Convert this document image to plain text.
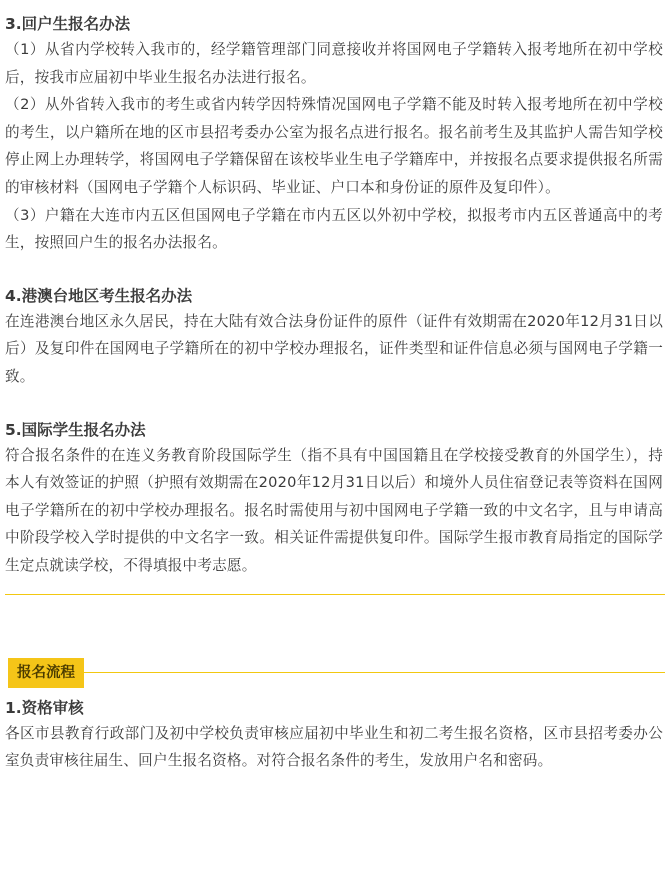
3.回户生报名办法

（1）从省内学校转入我市的，经学籍管理部门同意接收并将国网电子学籍转入报考地所在初中学校后，按我市应届初中毕业生报名办法进行报名。

（2）从外省转入我市的考生或省内转学因特殊情况国网电子学籍不能及时转入报考地所在初中学校的考生，以户籍所在地的区市县招考委办公室为报名点进行报名。报名前考生及其监护人需告知学校停止网上办理转学，将国网电子学籍保留在该校毕业生电子学籍库中，并按报名点要求提供报名所需的审核材料（国网电子学籍个人标识码、毕业证、户口本和身份证的原件及复印件）。

（3）户籍在大连市内五区但国网电子学籍在市内五区以外初中学校，拟报考市内五区普通高中的考生，按照回户生的报名办法报名。

4.港澳台地区考生报名办法

在连港澳台地区永久居民，持在大陆有效合法身份证件的原件（证件有效期需在2020年12月31日以后）及复印件在国网电子学籍所在的初中学校办理报名，证件类型和证件信息必须与国网电子学籍一致。

5.国际学生报名办法

符合报名条件的在连义务教育阶段国际学生（指不具有中国国籍且在学校接受教育的外国学生），持本人有效签证的护照（护照有效期需在2020年12月31日以后）和境外人员住宿登记表等资料在国网电子学籍所在的初中学校办理报名。报名时需使用与初中国网电子学籍一致的中文名字，且与申请高中阶段学校入学时提供的中文名字一致。相关证件需提供复印件。国际学生报市教育局指定的国际学生定点就读学校，不得填报中考志愿。

报名流程

1.资格审核

各区市县教育行政部门及初中学校负责审核应届初中毕业生和初二考生报名资格，区市县招考委办公室负责审核往届生、回户生报名资格。对符合报名条件的考生，发放用户名和密码。
